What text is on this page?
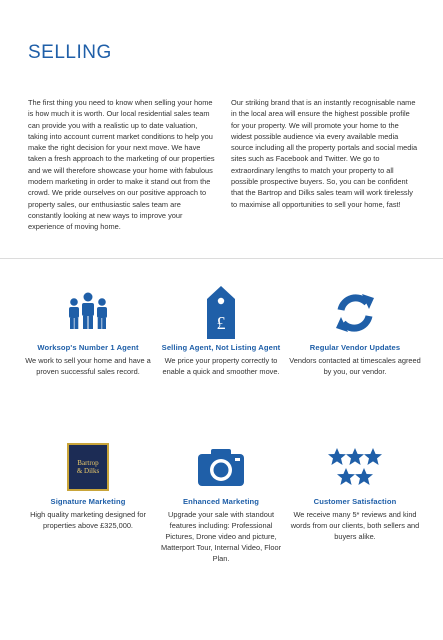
SELLING

The first thing you need to know when selling your home is how much it is worth. Our local residential sales team can provide you with a realistic up to date valuation, taking into account current market conditions to help you make the right decision for your next move. We have taken a fresh approach to the marketing of our properties and we will therefore showcase your home with fabulous modern marketing in order to make it stand out from the crowd. We pride ourselves on our positive approach to property sales, our enthusiastic sales team are constantly looking at new ways to improve your experience of moving home.

Our striking brand that is an instantly recognisable name in the local area will ensure the highest possible profile for your property. We will promote your home to the widest possible audience via every available media source including all the property portals and social media sites such as Facebook and Twitter. We go to extraordinary lengths to match your property to all possible prospective buyers. So, you can be confident that the Bartrop and Dilks sales team will work tirelessly to maximise all opportunities to sell your home, fast!

Worksop's Number 1 Agent
We work to sell your home and have a proven successful sales record.
£
Selling Agent, Not Listing Agent
We price your property correctly to enable a quick and smoother move.
Regular Vendor Updates
Vendors contacted at timescales agreed by you, our vendor.
Bartrop
& Dilks
Signature Marketing
High quality marketing designed for properties above £325,000.
Enhanced Marketing
Upgrade your sale with standout features including: Professional Pictures, Drone video and picture, Matterport Tour, Internal Video, Floor Plan.
Customer Satisfaction
We receive many 5* reviews and kind words from our clients, both sellers and buyers alike.
